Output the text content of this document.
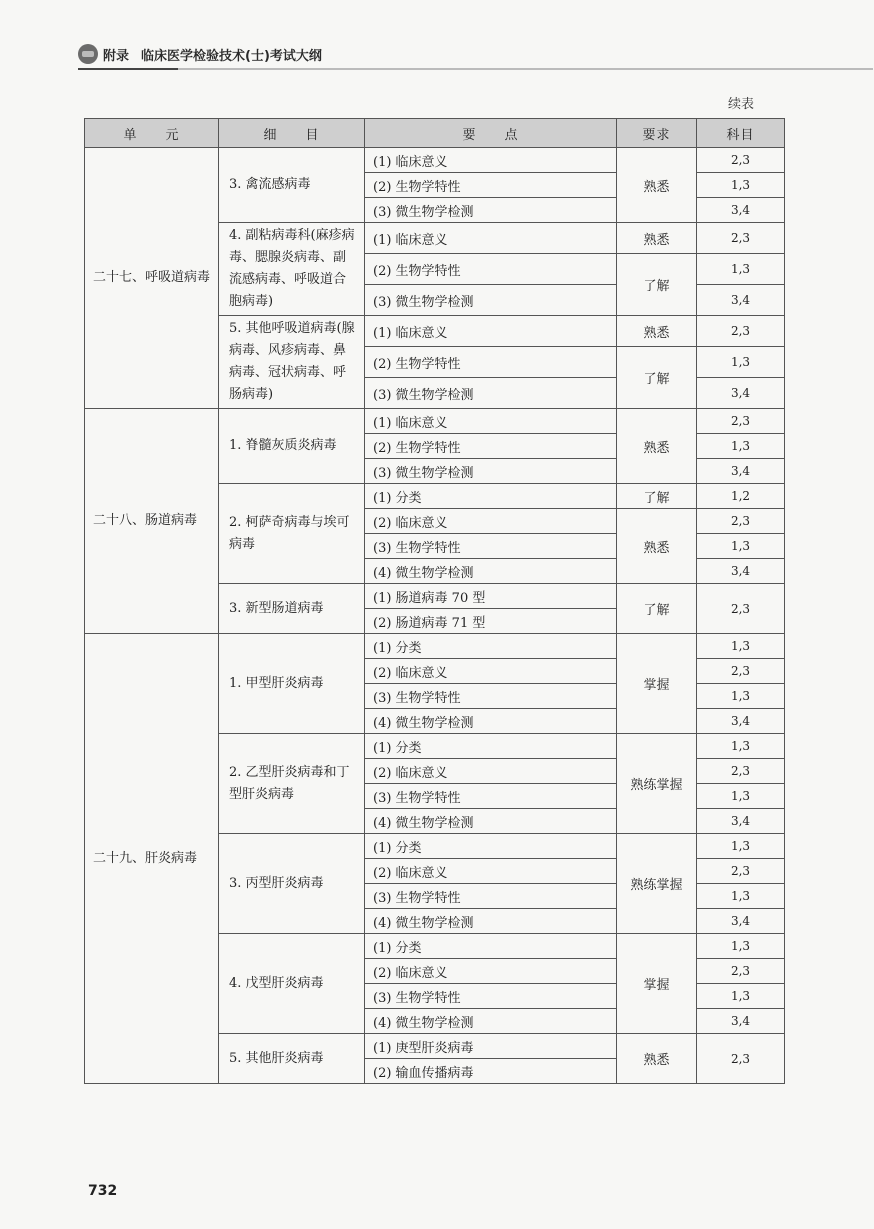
附录 临床医学检验技术(士)考试大纲
续表
单　　元	细　　目	要　　点	要求	科目
二十七、呼吸道病毒	3. 禽流感病毒	(1) 临床意义	熟悉	2,3
		(2) 生物学特性		1,3
		(3) 微生物学检测		3,4
	4. 副粘病毒科(麻疹病毒、腮腺炎病毒、副流感病毒、呼吸道合胞病毒)	(1) 临床意义	熟悉	2,3
		(2) 生物学特性	了解	1,3
		(3) 微生物学检测		3,4
	5. 其他呼吸道病毒(腺病毒、风疹病毒、鼻病毒、冠状病毒、呼肠病毒)	(1) 临床意义	熟悉	2,3
		(2) 生物学特性	了解	1,3
		(3) 微生物学检测		3,4
二十八、肠道病毒	1. 脊髓灰质炎病毒	(1) 临床意义	熟悉	2,3
		(2) 生物学特性		1,3
		(3) 微生物学检测		3,4
	2. 柯萨奇病毒与埃可病毒	(1) 分类	了解	1,2
		(2) 临床意义	熟悉	2,3
		(3) 生物学特性		1,3
		(4) 微生物学检测		3,4
	3. 新型肠道病毒	(1) 肠道病毒 70 型	了解	2,3
		(2) 肠道病毒 71 型		
二十九、肝炎病毒	1. 甲型肝炎病毒	(1) 分类	掌握	1,3
		(2) 临床意义		2,3
		(3) 生物学特性		1,3
		(4) 微生物学检测		3,4
	2. 乙型肝炎病毒和丁型肝炎病毒	(1) 分类	熟练掌握	1,3
		(2) 临床意义		2,3
		(3) 生物学特性		1,3
		(4) 微生物学检测		3,4
	3. 丙型肝炎病毒	(1) 分类	熟练掌握	1,3
		(2) 临床意义		2,3
		(3) 生物学特性		1,3
		(4) 微生物学检测		3,4
	4. 戊型肝炎病毒	(1) 分类	掌握	1,3
		(2) 临床意义		2,3
		(3) 生物学特性		1,3
		(4) 微生物学检测		3,4
	5. 其他肝炎病毒	(1) 庚型肝炎病毒	熟悉	2,3
		(2) 输血传播病毒		
732
